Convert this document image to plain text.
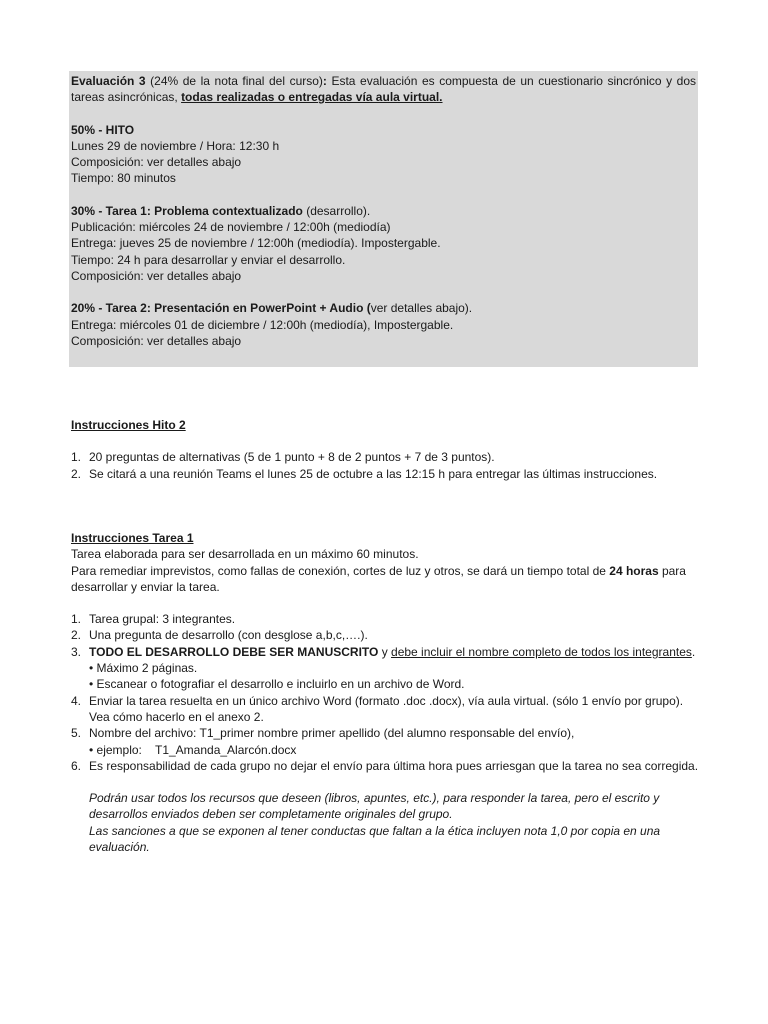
Evaluación 3 (24% de la nota final del curso): Esta evaluación es compuesta de un cuestionario sincrónico y dos tareas asincrónicas, todas realizadas o entregadas vía aula virtual.

50% - HITO

Lunes 29 de noviembre / Hora: 12:30 h

Composición: ver detalles abajo

Tiempo: 80 minutos

30% - Tarea 1: Problema contextualizado (desarrollo).

Publicación: miércoles 24 de noviembre / 12:00h (mediodía)

Entrega: jueves 25 de noviembre / 12:00h (mediodía). Impostergable.

Tiempo: 24 h para desarrollar y enviar el desarrollo.

Composición: ver detalles abajo

20% - Tarea 2: Presentación en PowerPoint + Audio (ver detalles abajo).

Entrega: miércoles 01 de diciembre / 12:00h (mediodía), Impostergable.

Composición: ver detalles abajo

Instrucciones Hito 2

1. 20 preguntas de alternativas (5 de 1 punto + 8 de 2 puntos + 7 de 3 puntos).
2. Se citará a una reunión Teams el lunes 25 de octubre a las 12:15 h para entregar las últimas instrucciones.

Instrucciones Tarea 1

Tarea elaborada para ser desarrollada en un máximo 60 minutos.

Para remediar imprevistos, como fallas de conexión, cortes de luz y otros, se dará un tiempo total de 24 horas para desarrollar y enviar la tarea.

1. Tarea grupal: 3 integrantes.
2. Una pregunta de desarrollo (con desglose a,b,c,….).
3. TODO EL DESARROLLO DEBE SER MANUSCRITO y debe incluir el nombre completo de todos los integrantes.
• Máximo 2 páginas.
• Escanear o fotografiar el desarrollo e incluirlo en un archivo de Word.
4. Enviar la tarea resuelta en un único archivo Word (formato .doc .docx), vía aula virtual. (sólo 1 envío por grupo). Vea cómo hacerlo en el anexo 2.
5. Nombre del archivo: T1_primer nombre primer apellido (del alumno responsable del envío),
• ejemplo: T1_Amanda_Alarcón.docx
6. Es responsabilidad de cada grupo no dejar el envío para última hora pues arriesgan que la tarea no sea corregida.

Podrán usar todos los recursos que deseen (libros, apuntes, etc.), para responder la tarea, pero el escrito y desarrollos enviados deben ser completamente originales del grupo.

Las sanciones a que se exponen al tener conductas que faltan a la ética incluyen nota 1,0 por copia en una evaluación.
